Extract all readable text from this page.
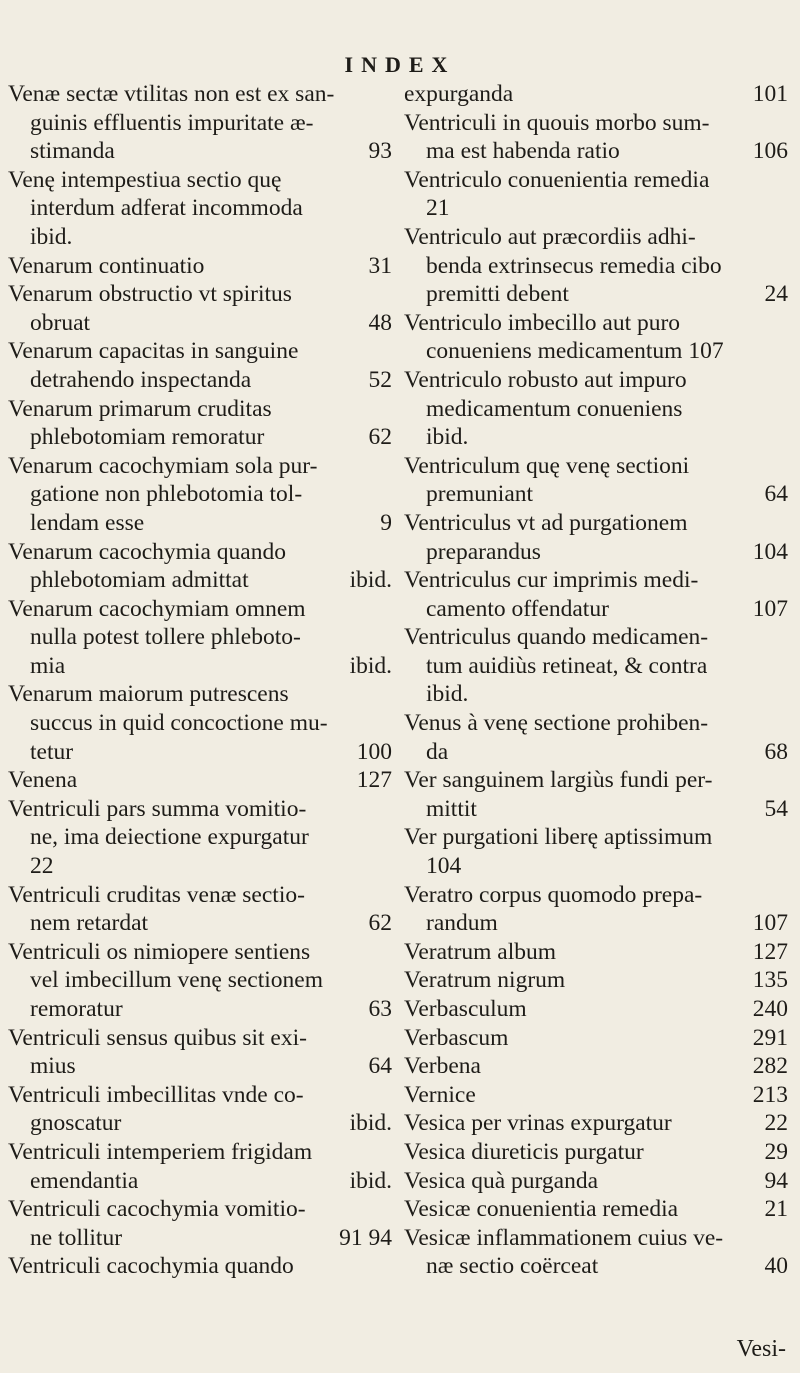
INDEX
Venæ sectæ vtilitas non est ex san-
guinis effluentis impuritate æ-
stimanda	93
Venę intempestiua sectio quę
interdum adferat incommoda
ibid.
Venarum continuatio	31
Venarum obstructio vt spiritus
obruat	48
Venarum capacitas in sanguine
detrahendo inspectanda	52
Venarum primarum cruditas
phlebotomiam remoratur	62
Venarum cacochymiam sola pur-
gatione non phlebotomia tol-
lendam esse	9
Venarum cacochymia quando
phlebotomiam admittat	ibid.
Venarum cacochymiam omnem
nulla potest tollere phleboto-
mia	ibid.
Venarum maiorum putrescens
succus in quid concoctione mu-
tetur	100
Venena	127
Ventriculi pars summa vomitio-
ne, ima deiectione expurgatur
22
Ventriculi cruditas venæ sectio-
nem retardat	62
Ventriculi os nimiopere sentiens
vel imbecillum venę sectionem
remoratur	63
Ventriculi sensus quibus sit exi-
mius	64
Ventriculi imbecillitas vnde co-
gnoscatur	ibid.
Ventriculi intemperiem frigidam
emendantia	ibid.
Ventriculi cacochymia vomitio-
ne tollitur	91 94
Ventriculi cacochymia quando
expurganda	101
Ventriculi in quouis morbo sum-
ma est habenda ratio	106
Ventriculo conuenientia remedia
21
Ventriculo aut præcordiis adhi-
benda extrinsecus remedia cibo
premitti debent	24
Ventriculo imbecillo aut puro
conueniens medicamentum 107
Ventriculo robusto aut impuro
medicamentum conueniens
ibid.
Ventriculum quę venę sectioni
premuniant	64
Ventriculus vt ad purgationem
preparandus	104
Ventriculus cur imprimis medi-
camento offendatur	107
Ventriculus quando medicamen-
tum auidiùs retineat, & contra
ibid.
Venus à venę sectione prohiben-
da	68
Ver sanguinem largiùs fundi per-
mittit	54
Ver purgationi liberę aptissimum
104
Veratro corpus quomodo prepa-
randum	107
Veratrum album	127
Veratrum nigrum	135
Verbasculum	240
Verbascum	291
Verbena	282
Vernice	213
Vesica per vrinas expurgatur	22
Vesica diureticis purgatur	29
Vesica quà purganda	94
Vesicæ conuenientia remedia	21
Vesicæ inflammationem cuius ve-
næ sectio coërceat	40
Vesi-
